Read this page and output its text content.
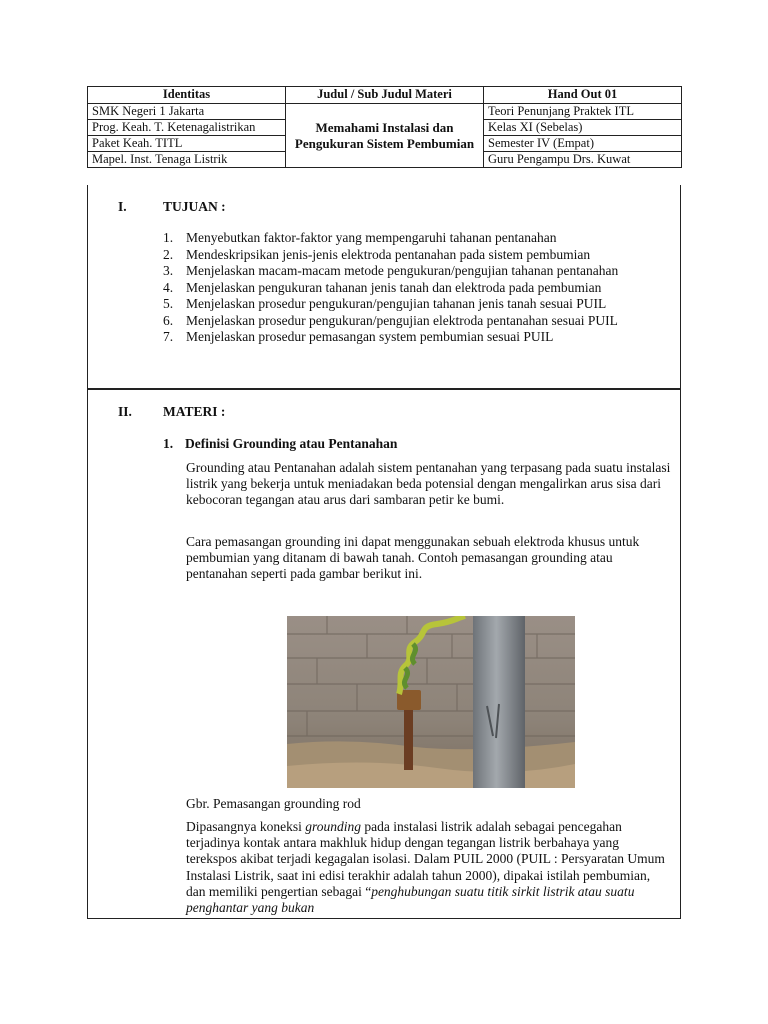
Identitas	Judul / Sub Judul Materi	Hand Out 01
SMK Negeri 1 Jakarta	Memahami Instalasi dan Pengukuran Sistem Pembumian	Teori Penunjang Praktek ITL
Prog. Keah. T. Ketenagalistrikan		Kelas XI (Sebelas)
Paket Keah. TITL		Semester IV (Empat)
Mapel. Inst. Tenaga Listrik		Guru Pengampu Drs. Kuwat
I.	TUJUAN :
1. Menyebutkan faktor-faktor yang mempengaruhi tahanan pentanahan
2. Mendeskripsikan jenis-jenis elektroda pentanahan pada sistem pembumian
3. Menjelaskan macam-macam metode pengukuran/pengujian tahanan pentanahan
4. Menjelaskan pengukuran tahanan jenis tanah dan elektroda pada pembumian
5. Menjelaskan prosedur pengukuran/pengujian tahanan jenis tanah sesuai PUIL
6. Menjelaskan prosedur pengukuran/pengujian elektroda pentanahan sesuai PUIL
7. Menjelaskan prosedur pemasangan system pembumian sesuai PUIL
II. MATERI :
1. Definisi Grounding atau Pentanahan

Grounding atau Pentanahan adalah sistem pentanahan yang terpasang pada suatu instalasi listrik yang bekerja untuk meniadakan beda potensial dengan mengalirkan arus sisa dari kebocoran tegangan atau arus dari sambaran petir ke bumi.

Cara pemasangan grounding ini dapat menggunakan sebuah elektroda khusus untuk pembumian yang ditanam di bawah tanah. Contoh pemasangan grounding atau pentanahan seperti pada gambar berikut ini.

Gbr. Pemasangan grounding rod

Dipasangnya koneksi grounding pada instalasi listrik adalah sebagai pencegahan terjadinya kontak antara makhluk hidup dengan tegangan listrik berbahaya yang terekspos akibat terjadi kegagalan isolasi. Dalam PUIL 2000 (PUIL : Persyaratan Umum Instalasi Listrik, saat ini edisi terakhir adalah tahun 2000), dipakai istilah pembumian, dan memiliki pengertian sebagai “penghubungan suatu titik sirkit listrik atau suatu penghantar yang bukan
